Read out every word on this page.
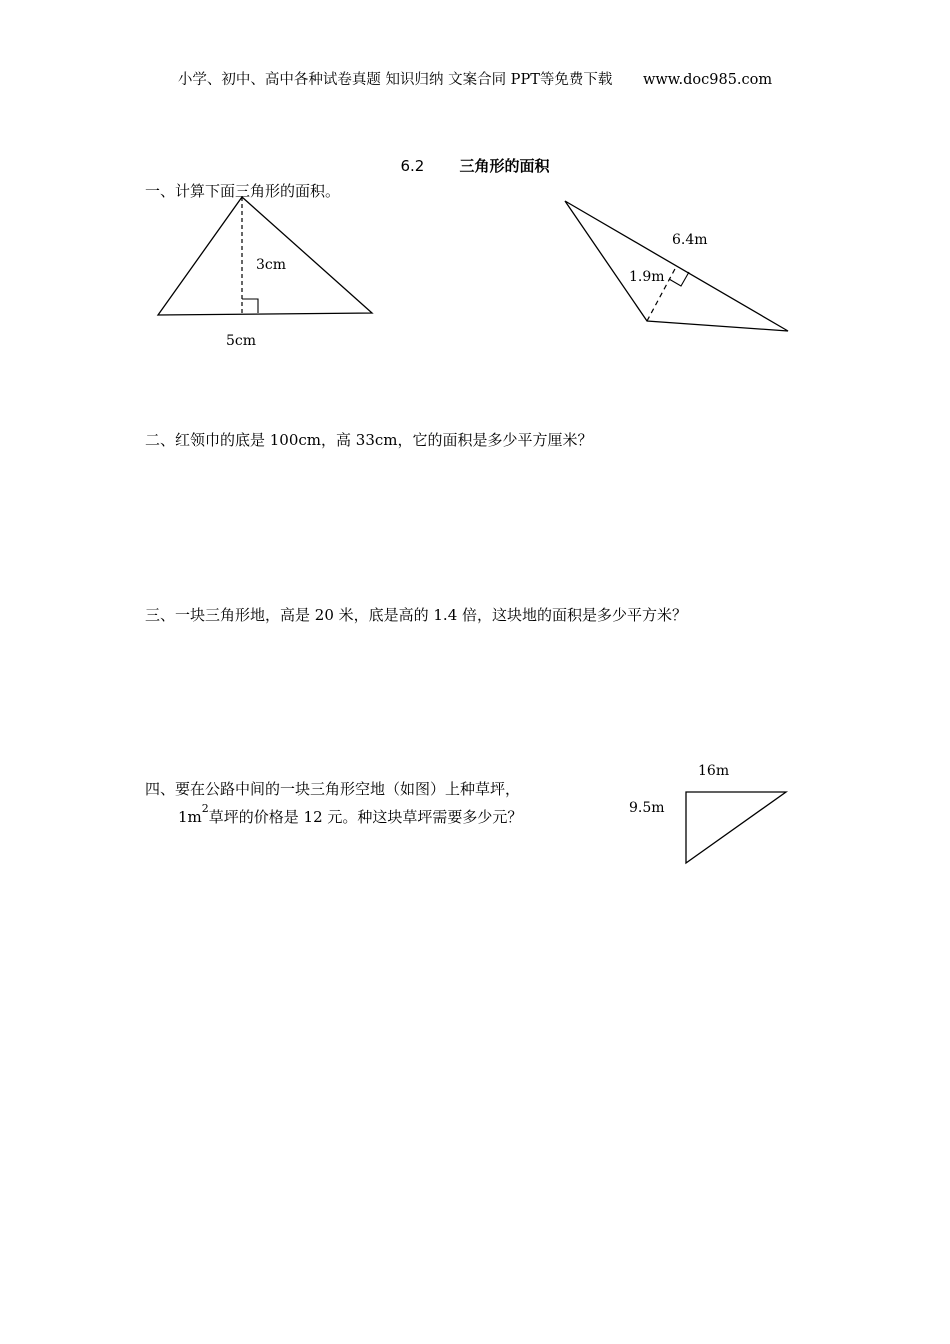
小学、初中、高中各种试卷真题 知识归纳 文案合同 PPT等免费下载 www.doc985.com
6.2 三角形的面积
一、计算下面三角形的面积。
3cm
5cm
6.4m
1.9m
二、红领巾的底是 100cm，高 33cm，它的面积是多少平方厘米？
三、一块三角形地，高是 20 米，底是高的 1.4 倍，这块地的面积是多少平方米？
四、要在公路中间的一块三角形空地（如图）上种草坪，
$1m^2$草坪的价格是 12 元。种这块草坪需要多少元？
16m
9.5m
